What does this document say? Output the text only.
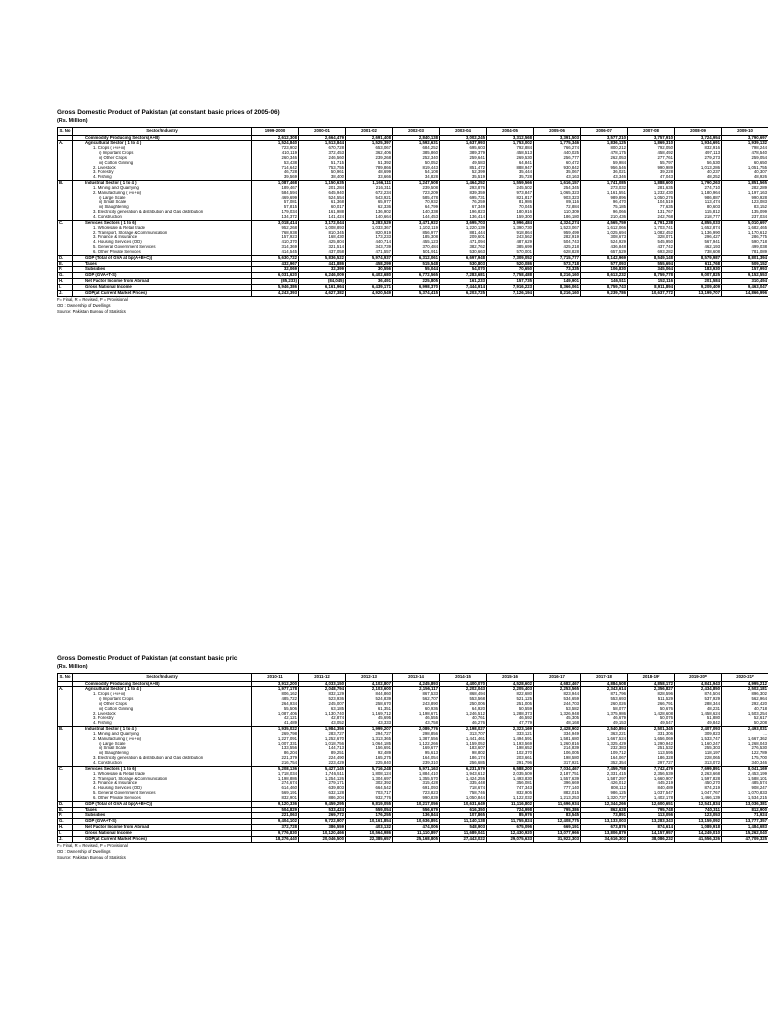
Gross Domestic Product of Pakistan (at constant basic prices of 2005-06)
(Rs. Million)
S. No	Sector/Industry	1999-2000	2000-01	2001-02	2002-03	2003-04	2004-05	2005-06	2006-07	2007-08	2008-09	2009-10
	Commodity Producing Sectors(A+B)	2,612,308	2,664,479	2,691,408	2,840,138	3,002,245	3,312,568	3,391,503	3,577,210	3,757,910	3,724,954	3,790,697
A.	Agricultural Sector ( 1 to 4 )	1,524,840	1,513,844	1,525,397	1,592,631	1,637,993	1,753,002	1,775,346	1,836,125	1,869,310	1,934,691	1,939,132
	1. Crops ( i+ii+iii)	723,902	670,728	653,067	684,252	695,603	792,884	766,274	800,212	792,050	832,916	798,244
	i) Important Crops	410,119	372,453	362,406	385,860	389,379	458,513	440,025	478,175	458,492	497,113	478,540
	ii) Other Crops	260,346	246,560	239,268	252,340	259,641	269,530	256,777	262,053	277,761	279,273	259,054
	iii) Cotton Ginning	53,438	51,715	51,392	50,052	49,583	64,841	60,472	59,984	55,797	56,530	60,650
	2. Livestock	714,642	753,755	789,866	819,443	851,472	888,947	930,842	956,546	990,989	1,013,286	1,051,755
	3. Forestry	46,728	50,961	48,699	54,108	52,399	35,444	35,067	36,021	39,228	40,237	40,307
	4. Fishing	39,569	38,400	33,666	34,828	35,519	35,728	43,163	43,346	47,043	48,252	48,926
B.	Industrial Sector ( 1 to 4 )	1,087,468	1,150,635	1,166,111	1,247,508	1,464,252	1,559,566	1,616,157	1,741,085	1,888,600	1,790,263	1,851,565
	1. Mining and Quarrying	189,467	201,284	216,311	239,508	293,876	245,502	254,345	273,032	281,635	274,710	282,289
	2. Manufacturing ( i+ii+iii)	584,594	645,940	672,234	723,209	839,359	973,847	1,065,323	1,161,551	1,232,430	1,180,964	1,197,163
	i) Large Scale	469,699	524,554	543,921	585,478	695,731	821,817	903,323	989,896	1,050,276	986,887	990,928
	ii) Small Scale	57,081	61,368	65,977	70,932	76,259	81,986	89,116	96,470	104,519	113,474	123,083
	iii) Slaughtering	57,815	60,017	62,336	64,799	67,349	70,045	72,884	75,185	77,635	80,603	83,152
	3. Electricity generation & distribution and Gas distribution	179,034	161,988	136,902	140,338	196,823	180,916	110,309	96,066	131,767	115,812	135,099
	4. Construction	134,372	141,424	140,664	144,453	136,414	159,300	186,180	210,436	242,768	218,777	237,034
C.	Services Sectors ( 1 to 6)	3,018,414	3,172,044	3,283,529	3,471,922	3,695,703	3,996,484	4,324,274	4,565,759	4,791,238	4,855,033	5,010,697
	1. Wholesale & Retail trade	952,268	1,008,893	1,033,367	1,102,119	1,220,139	1,390,730	1,523,067	1,612,066	1,703,741	1,652,874	1,682,465
	2. Transport, Storage &Communication	768,938	810,345	820,919	856,977	881,444	918,864	959,499	1,025,694	1,082,452	1,136,990	1,170,612
	3. Finance & Insurance	157,923	168,430	173,233	185,308	209,601	243,562	282,919	308,673	328,071	296,427	286,775
	4. Housing Services (OD)	410,370	425,804	440,714	455,123	471,094	487,629	504,743	524,929	545,950	567,941	590,718
	5. General Government Services	314,369	321,514	343,739	370,484	382,762	385,699	425,218	436,848	437,742	462,193	499,038
	6. Other Private Services	414,545	437,058	471,557	501,911	530,663	570,001	628,828	657,529	693,282	738,608	781,089
D.	GDP (Total of GVA at bp(A+B+C))	5,630,722	5,836,522	5,974,937	6,312,061	6,697,948	7,309,052	7,715,777	8,142,969	8,549,148	8,579,987	8,801,394
E.	Taxes	432,967	441,886	458,299	515,548	530,803	520,086	573,718	577,093	555,694	611,768	509,152
F.	Subsidies	32,069	32,399	30,556	55,044	54,070	70,650	73,335	106,830	345,064	183,930	157,993
G.	GDP (GVA+T-S)	6,031,620	6,246,009	6,402,680	6,772,565	7,283,681	7,758,488	8,216,160	8,613,232	8,759,778	9,007,825	9,152,553
H.	Net Factor Income from Abroad	(85,233)	(84,045)	36,491	225,805	161,233	157,735	149,901	146,511	152,116	201,584	310,494
I.	Gross National Income	5,946,386	6,161,964	6,439,171	6,998,370	7,444,914	7,916,223	8,366,061	8,759,743	8,911,894	9,209,409	9,463,047
J.	GDP(at Current Market Prices)	4,243,393	4,627,382	4,920,549	5,374,415	6,203,725	7,126,194	8,216,160	9,239,786	10,637,772	13,199,707	14,866,996
F= Final, R = Revised, P = Provisional
OD : Ownership of Dwellings
Source: Pakistan Bureau of Statistics
Gross Domestic Product of Pakistan (at constant basic pric
(Rs. Million)
S. No	Sector/Industry	2010-11	2011-12	2012-13	2013-14	2014-15	2015-16	2016-17	2017-18	2018-19ᶠ	2019-20ᴿ	2020-21ᴾ
	Commodity Producing Sectors(A+B)	3,912,200	4,033,150	4,102,807	4,245,893	4,400,070	4,528,602	4,682,467	4,884,508	4,858,172	4,841,943	4,995,212
A.	Agricultural Sector ( 1 to 4 )	1,977,178	2,048,794	2,103,600	2,156,117	2,202,043	2,205,403	2,253,565	2,343,614	2,356,827	2,434,850	2,502,181
	1. Crops ( i+ii+iii)	806,162	832,129	844,860	867,533	868,494	822,680	823,944	871,796	828,596	874,504	896,302
	i) Important Crops	485,722	523,936	524,839	562,707	553,568	521,125	534,659	553,693	511,529	537,929	562,964
	ii) Other Crops	264,934	245,007	258,670	243,890	250,006	251,005	244,703	260,026	266,791	288,344	292,420
	iii) Cotton Ginning	55,506	63,185	61,351	60,936	64,920	50,559	53,582	58,077	50,676	48,231	40,718
	2. Livestock	1,087,406	1,130,740	1,169,712	1,198,671	1,246,512	1,288,373	1,326,948	1,375,986	1,428,608	1,458,624	1,503,254
	3. Forestry	42,121	42,874	45,695	46,555	40,761	46,592	45,305	46,679	50,076	51,880	52,617
	4. Fishing	41,489	43,052	43,333	43,758	46,276	47,779	48,168	49,153	49,547	49,842	50,208
B.	Industrial Sector ( 1 to 4 )	1,935,022	1,984,356	1,999,207	2,089,776	2,198,027	2,323,169	2,428,902	2,540,894	2,501,345	2,407,093	2,493,031
	1. Mining and Quarrying	269,798	283,727	294,727	298,856	313,707	333,121	334,949	363,221	331,306	309,823	...
	2. Manufacturing ( i+ii+iii)	1,227,091	1,252,670	1,313,365	1,387,556	1,441,461	1,494,591	1,581,680	1,667,524	1,656,069	1,533,747	1,667,362
	i) Large Scale	1,007,331	1,018,756	1,064,185	1,122,266	1,159,052	1,193,569	1,260,816	1,325,429	1,290,942	1,160,247	1,268,043
	ii) Small Scale	133,556	144,713	156,691	169,677	183,607	198,652	214,839	232,383	251,532	255,303	276,530
	iii) Slaughtering	86,204	89,251	92,489	95,613	98,802	102,370	106,005	109,712	113,595	118,197	122,789
	3. Electricity generation & distribution and Gas distribution	221,379	224,490	165,275	164,054	186,174	203,661	198,580	164,067	186,328	228,065	175,700
	4. Construction	216,754	223,429	225,840	239,310	256,685	291,796	317,921	352,354	297,727	313,072	340,346
C.	Services Sectors ( 1 to 6)	5,208,136	5,427,145	5,716,248	5,971,163	6,231,579	6,588,200	7,034,467	7,459,758	7,742,479	7,699,891	8,041,169
	1. Wholesale & Retail trade	1,718,034	1,746,511	1,808,124	1,884,410	1,943,612	2,035,509	2,187,751	2,331,415	2,356,539	2,263,668	2,453,199
	2. Transport, Storage &Communication	1,198,886	1,254,126	1,304,697	1,355,570	1,424,255	1,493,830	1,557,639	1,587,297	1,660,907	1,597,828	1,588,101
	3. Finance & Insurance	274,674	279,171	302,392	315,428	335,448	356,081	396,669	426,012	445,219	450,270	485,574
	4. Housing Services (OD)	614,460	639,803	664,542	691,093	718,674	747,343	777,140	808,112	840,489	874,219	908,247
	5. General Government Services	569,191	632,128	703,717	723,823	758,746	832,905	882,015	986,125	1,037,547	1,047,767	1,070,833
	6. Other Private Services	832,901	886,204	932,776	990,839	1,050,844	1,122,032	1,213,253	1,320,737	1,402,178	1,466,139	1,534,215
D.	GDP (Total of GVA at bp(A+B+C))	9,120,336	9,459,295	9,819,055	10,217,056	10,631,649	11,116,802	11,696,934	12,344,266	12,600,651	12,541,834	13,036,381
E.	Taxes	504,829	533,424	559,054	556,679	616,350	724,998	795,386	862,628	795,748	740,311	812,900
F.	Subsidies	221,063	269,772	176,255	136,844	107,865	85,976	83,545	73,891	113,056	123,053	71,924
G.	GDP (GVA+T-S)	9,404,102	9,722,907	10,161,854	10,636,891	11,140,138	11,755,824	12,408,775	13,133,003	13,283,343	13,159,092	13,777,357
H.	Net Factor Income from Abroad	372,728	386,559	403,132	474,006	548,903	675,096	669,191	673,876	874,614	1,089,918	1,484,683
I.	Gross National Income	9,776,830	10,120,466	10,564,986	11,110,897	11,689,041	12,430,920	13,077,966	13,806,879	14,157,957	14,249,010	15,262,040
J.	GDP(at Current Market Prices)	18,276,440	20,046,500	22,385,657	25,168,805	27,443,022	29,075,633	31,922,303	34,616,302	38,086,232	41,556,326	47,709,325
F= Final, R = Revised, P = Provisional
OD : Ownership of Dwellings
Source: Pakistan Bureau of Statistics
